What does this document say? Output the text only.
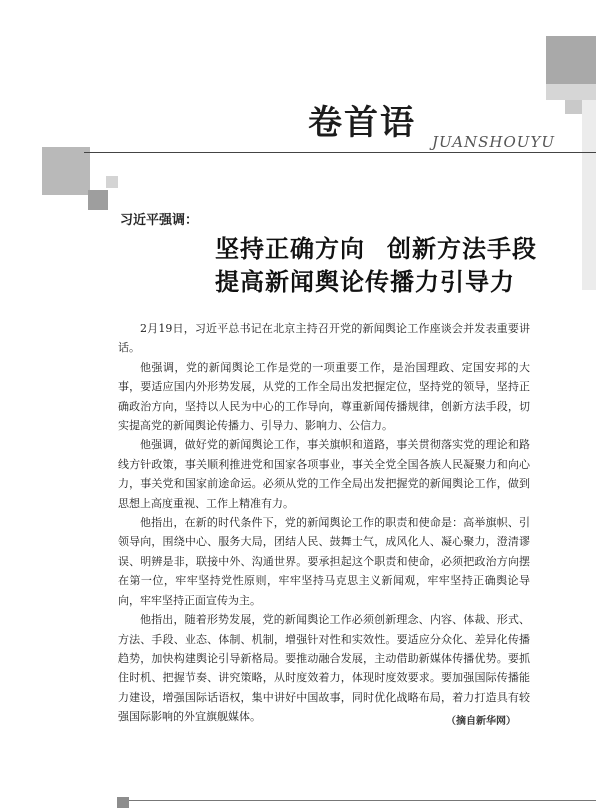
卷首语 JUANSHOUYU
习近平强调：
坚持正确方向 创新方法手段
提高新闻舆论传播力引导力

2月19日，习近平总书记在北京主持召开党的新闻舆论工作座谈会并发表重要讲话。

他强调，党的新闻舆论工作是党的一项重要工作，是治国理政、定国安邦的大事，要适应国内外形势发展，从党的工作全局出发把握定位，坚持党的领导，坚持正确政治方向，坚持以人民为中心的工作导向，尊重新闻传播规律，创新方法手段，切实提高党的新闻舆论传播力、引导力、影响力、公信力。

他强调，做好党的新闻舆论工作，事关旗帜和道路，事关贯彻落实党的理论和路线方针政策，事关顺利推进党和国家各项事业，事关全党全国各族人民凝聚力和向心力，事关党和国家前途命运。必须从党的工作全局出发把握党的新闻舆论工作，做到思想上高度重视、工作上精准有力。

他指出，在新的时代条件下，党的新闻舆论工作的职责和使命是：高举旗帜、引领导向，围绕中心、服务大局，团结人民、鼓舞士气，成风化人、凝心聚力，澄清谬误、明辨是非，联接中外、沟通世界。要承担起这个职责和使命，必须把政治方向摆在第一位，牢牢坚持党性原则，牢牢坚持马克思主义新闻观，牢牢坚持正确舆论导向，牢牢坚持正面宣传为主。

他指出，随着形势发展，党的新闻舆论工作必须创新理念、内容、体裁、形式、方法、手段、业态、体制、机制，增强针对性和实效性。要适应分众化、差异化传播趋势，加快构建舆论引导新格局。要推动融合发展，主动借助新媒体传播优势。要抓住时机、把握节奏、讲究策略，从时度效着力，体现时度效要求。要加强国际传播能力建设，增强国际话语权，集中讲好中国故事，同时优化战略布局，着力打造具有较强国际影响的外宜旗舰媒体。	（摘自新华网）
